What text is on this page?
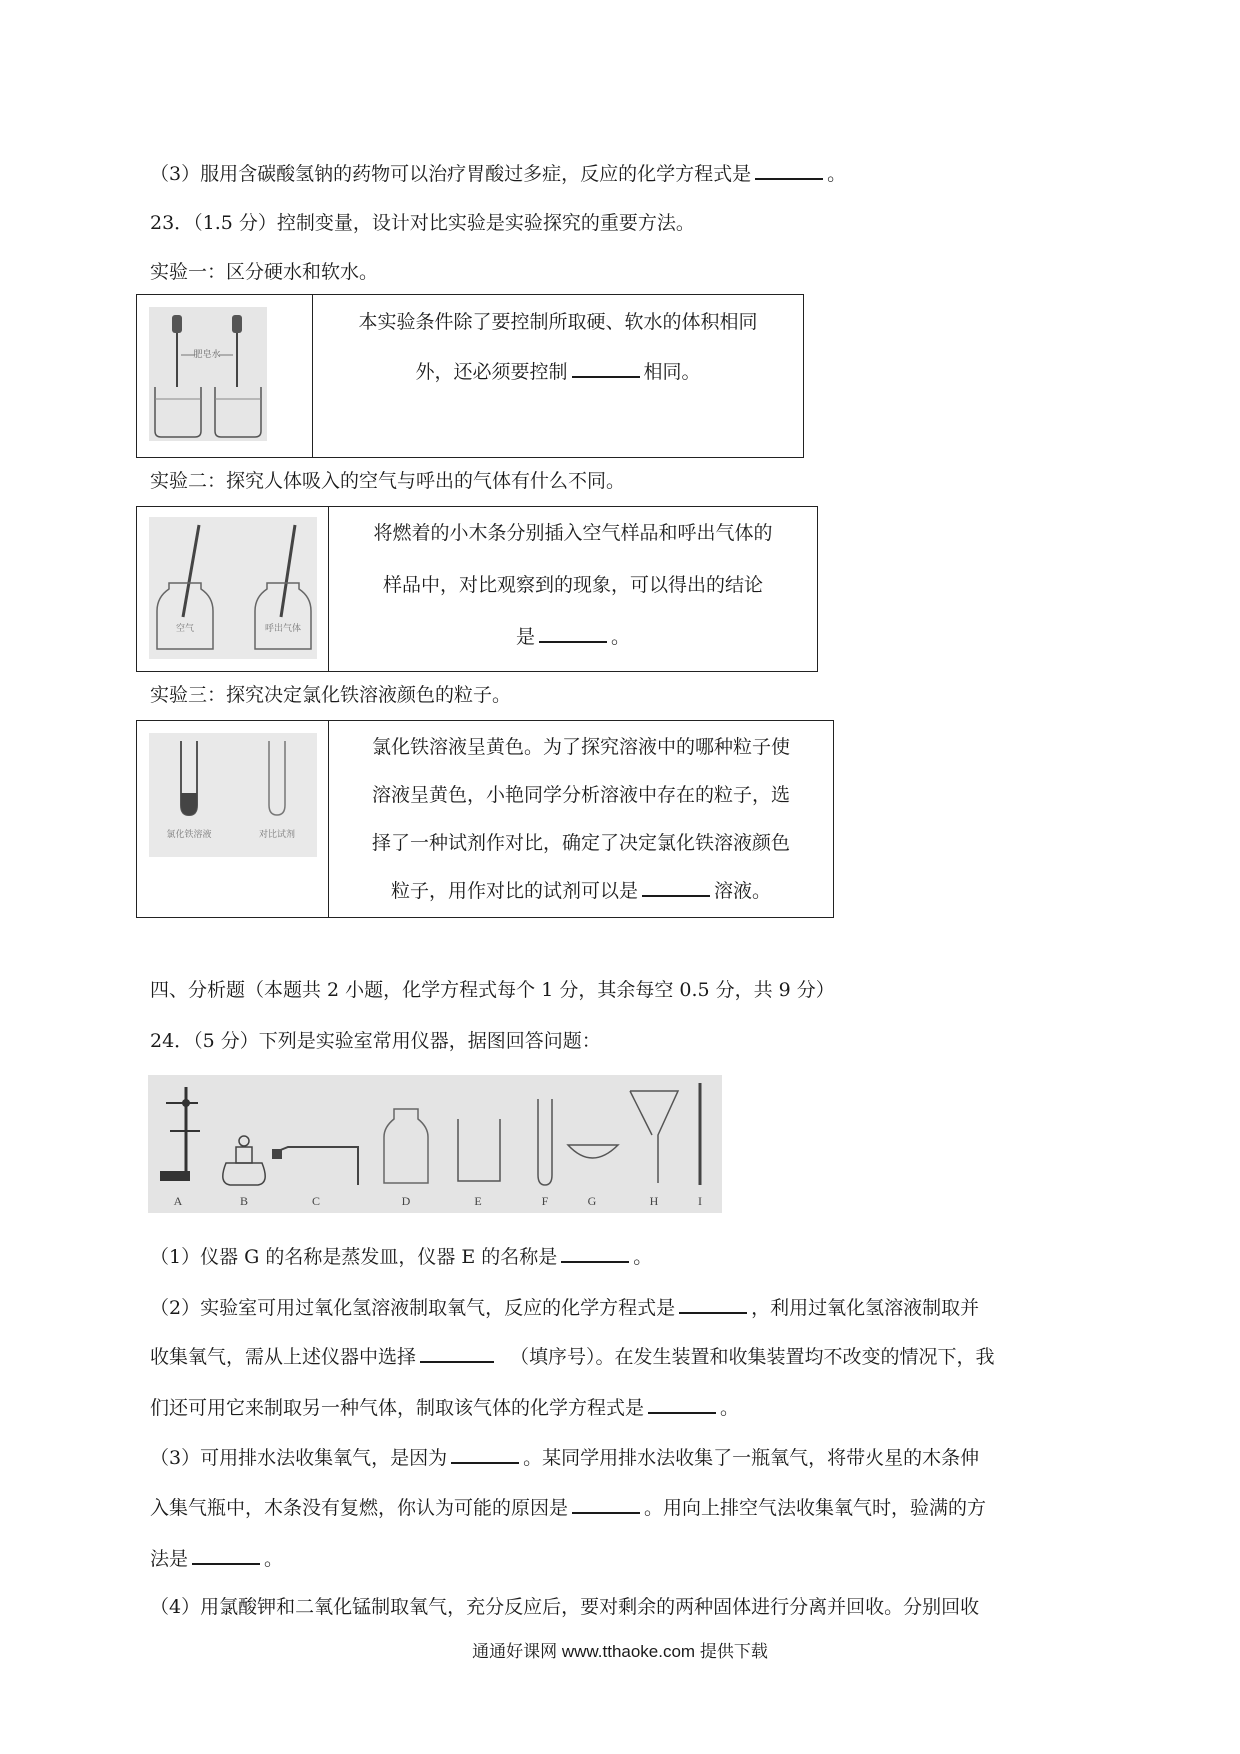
（3）服用含碳酸氢钠的药物可以治疗胃酸过多症，反应的化学方程式是	。
23．（1.5 分）控制变量，设计对比实验是实验探究的重要方法。
实验一：区分硬水和软水。
肥皂水
本实验条件除了要控制所取硬、软水的体积相同
外，还必须要控制	相同。
实验二：探究人体吸入的空气与呼出的气体有什么不同。
空气	呼出气体
将燃着的小木条分别插入空气样品和呼出气体的
样品中，对比观察到的现象，可以得出的结论
是	。
实验三：探究决定氯化铁溶液颜色的粒子。
氯化铁溶液	对比试剂
氯化铁溶液呈黄色。为了探究溶液中的哪种粒子使
溶液呈黄色，小艳同学分析溶液中存在的粒子，选
择了一种试剂作对比，确定了决定氯化铁溶液颜色
粒子，用作对比的试剂可以是	溶液。
四、分析题（本题共 2 小题，化学方程式每个 1 分，其余每空 0.5 分，共 9 分）
24．（5 分）下列是实验室常用仪器，据图回答问题：
A	B	C	D	E	F	G	H	I
（1）仪器 G 的名称是蒸发皿，仪器 E 的名称是	。
（2）实验室可用过氧化氢溶液制取氧气，反应的化学方程式是	，利用过氧化氢溶液制取并
收集氧气，需从上述仪器中选择	（填序号）。在发生装置和收集装置均不改变的情况下，我
们还可用它来制取另一种气体，制取该气体的化学方程式是	。
（3）可用排水法收集氧气，是因为	。某同学用排水法收集了一瓶氧气，将带火星的木条伸
入集气瓶中，木条没有复燃，你认为可能的原因是	。用向上排空气法收集氧气时，验满的方
法是	。
（4）用氯酸钾和二氧化锰制取氧气，充分反应后，要对剩余的两种固体进行分离并回收。分别回收
通通好课网 www.tthaoke.com 提供下载
